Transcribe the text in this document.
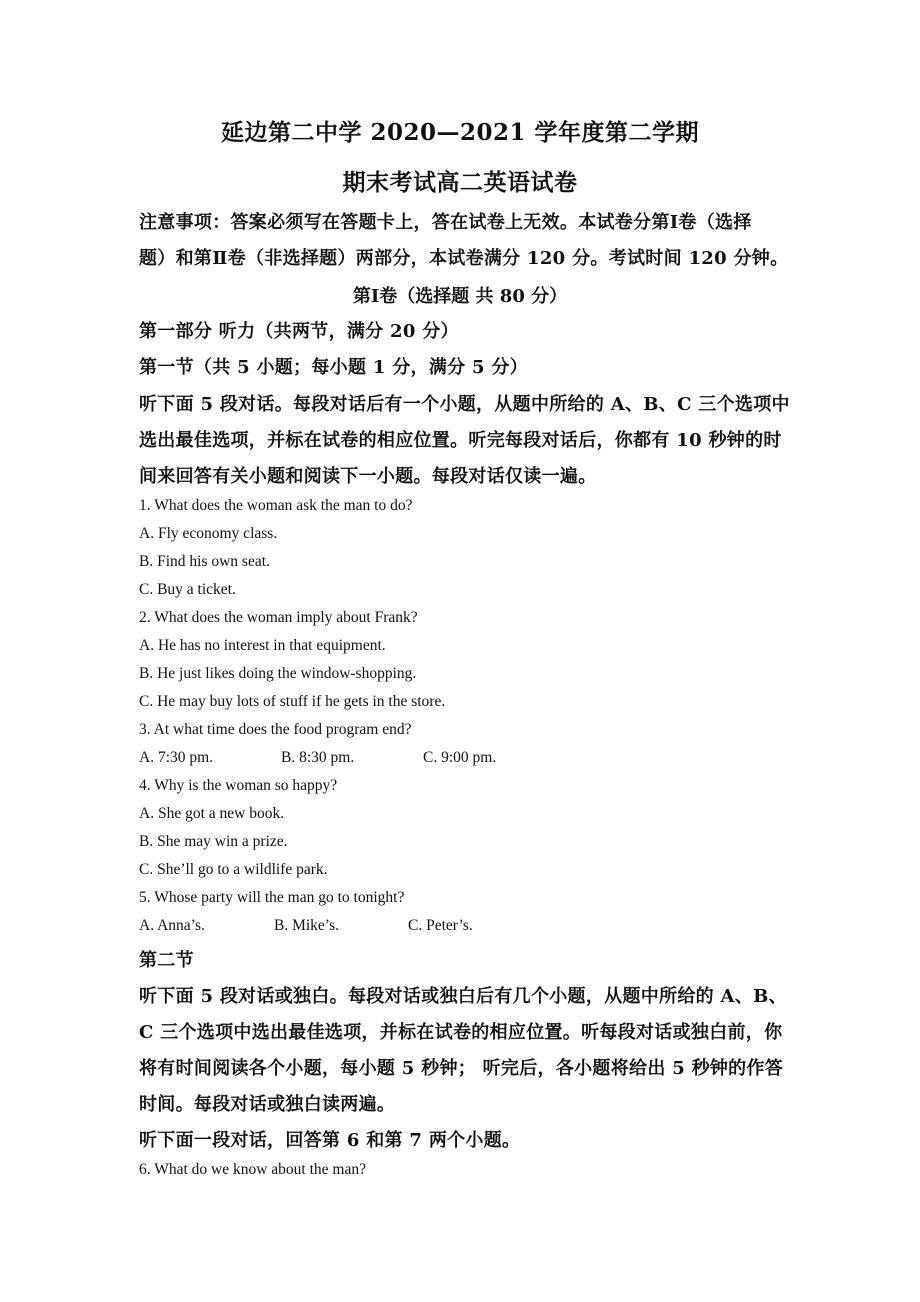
延边第二中学 2020—2021 学年度第二学期
期末考试高二英语试卷
注意事项：答案必须写在答题卡上，答在试卷上无效。本试卷分第Ⅰ卷（选择
题）和第Ⅱ卷（非选择题）两部分，本试卷满分 120 分。考试时间 120 分钟。
第Ⅰ卷（选择题 共 80 分）
第一部分 听力（共两节，满分 20 分）
第一节（共 5 小题；每小题 1 分，满分 5 分）
听下面 5 段对话。每段对话后有一个小题，从题中所给的 A、B、C 三个选项中
选出最佳选项，并标在试卷的相应位置。听完每段对话后，你都有 10 秒钟的时
间来回答有关小题和阅读下一小题。每段对话仅读一遍。
1. What does the woman ask the man to do?
A. Fly economy class.
B. Find his own seat.
C. Buy a ticket.
2. What does the woman imply about Frank?
A. He has no interest in that equipment.
B. He just likes doing the window-shopping.
C. He may buy lots of stuff if he gets in the store.
3. At what time does the food program end?
A. 7:30 pm.	B. 8:30 pm.	C. 9:00 pm.
4. Why is the woman so happy?
A. She got a new book.
B. She may win a prize.
C. She’ll go to a wildlife park.
5. Whose party will the man go to tonight?
A. Anna’s.	B. Mike’s.	C. Peter’s.
第二节
听下面 5 段对话或独白。每段对话或独白后有几个小题，从题中所给的 A、B、
C 三个选项中选出最佳选项，并标在试卷的相应位置。听每段对话或独白前，你
将有时间阅读各个小题，每小题 5 秒钟； 听完后，各小题将给出 5 秒钟的作答
时间。每段对话或独白读两遍。
听下面一段对话，回答第 6 和第 7 两个小题。
6. What do we know about the man?
